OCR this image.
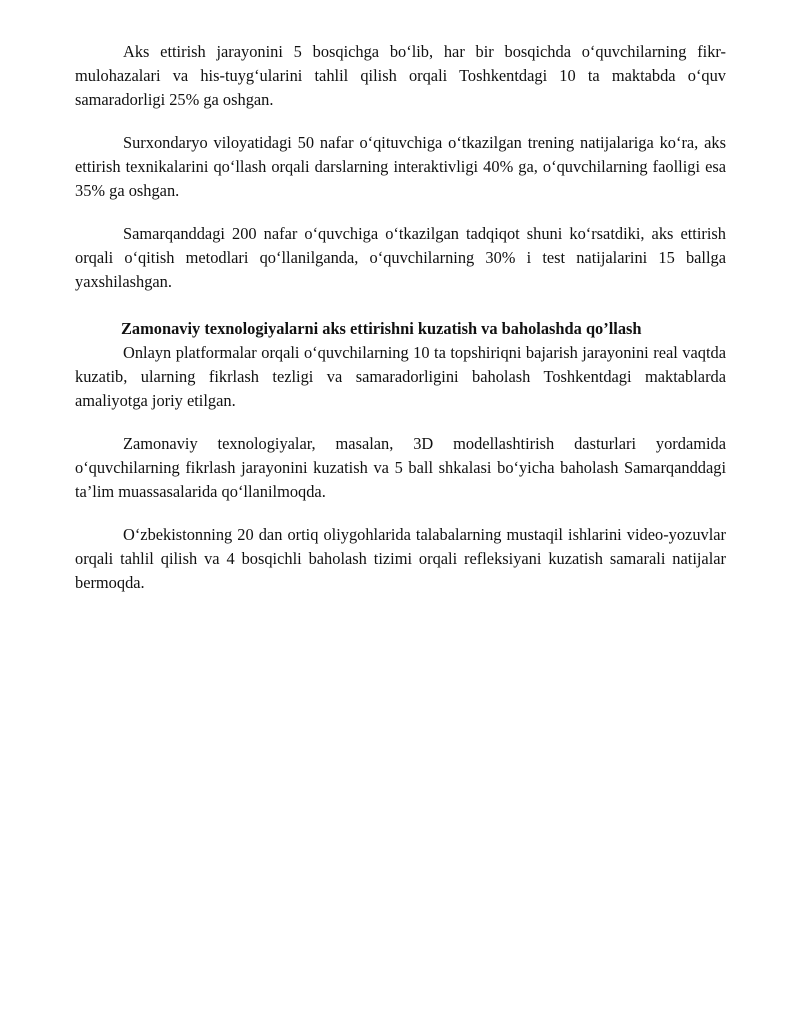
Aks ettirish jarayonini 5 bosqichga bo‘lib, har bir bosqichda o‘quvchilarning fikr-mulohazalari va his-tuyg‘ularini tahlil qilish orqali Toshkentdagi 10 ta maktabda o‘quv samaradorligi 25% ga oshgan.

Surxondaryo viloyatidagi 50 nafar o‘qituvchiga o‘tkazilgan trening natijalariga ko‘ra, aks ettirish texnikalarini qo‘llash orqali darslarning interaktivligi 40% ga, o‘quvchilarning faolligi esa 35% ga oshgan.

Samarqanddagi 200 nafar o‘quvchiga o‘tkazilgan tadqiqot shuni ko‘rsatdiki, aks ettirish orqali o‘qitish metodlari qo‘llanilganda, o‘quvchilarning 30% i test natijalarini 15 ballga yaxshilashgan.

Zamonaviy texnologiyalarni aks ettirishni kuzatish va baholashda qo’llash

Onlayn platformalar orqali o‘quvchilarning 10 ta topshiriqni bajarish jarayonini real vaqtda kuzatib, ularning fikrlash tezligi va samaradorligini baholash Toshkentdagi maktablarda amaliyotga joriy etilgan.

Zamonaviy texnologiyalar, masalan, 3D modellashtirish dasturlari yordamida o‘quvchilarning fikrlash jarayonini kuzatish va 5 ball shkalasi bo‘yicha baholash Samarqanddagi ta’lim muassasalarida qo‘llanilmoqda.

O‘zbekistonning 20 dan ortiq oliygohlarida talabalarning mustaqil ishlarini video-yozuvlar orqali tahlil qilish va 4 bosqichli baholash tizimi orqali refleksiyani kuzatish samarali natijalar bermoqda.
